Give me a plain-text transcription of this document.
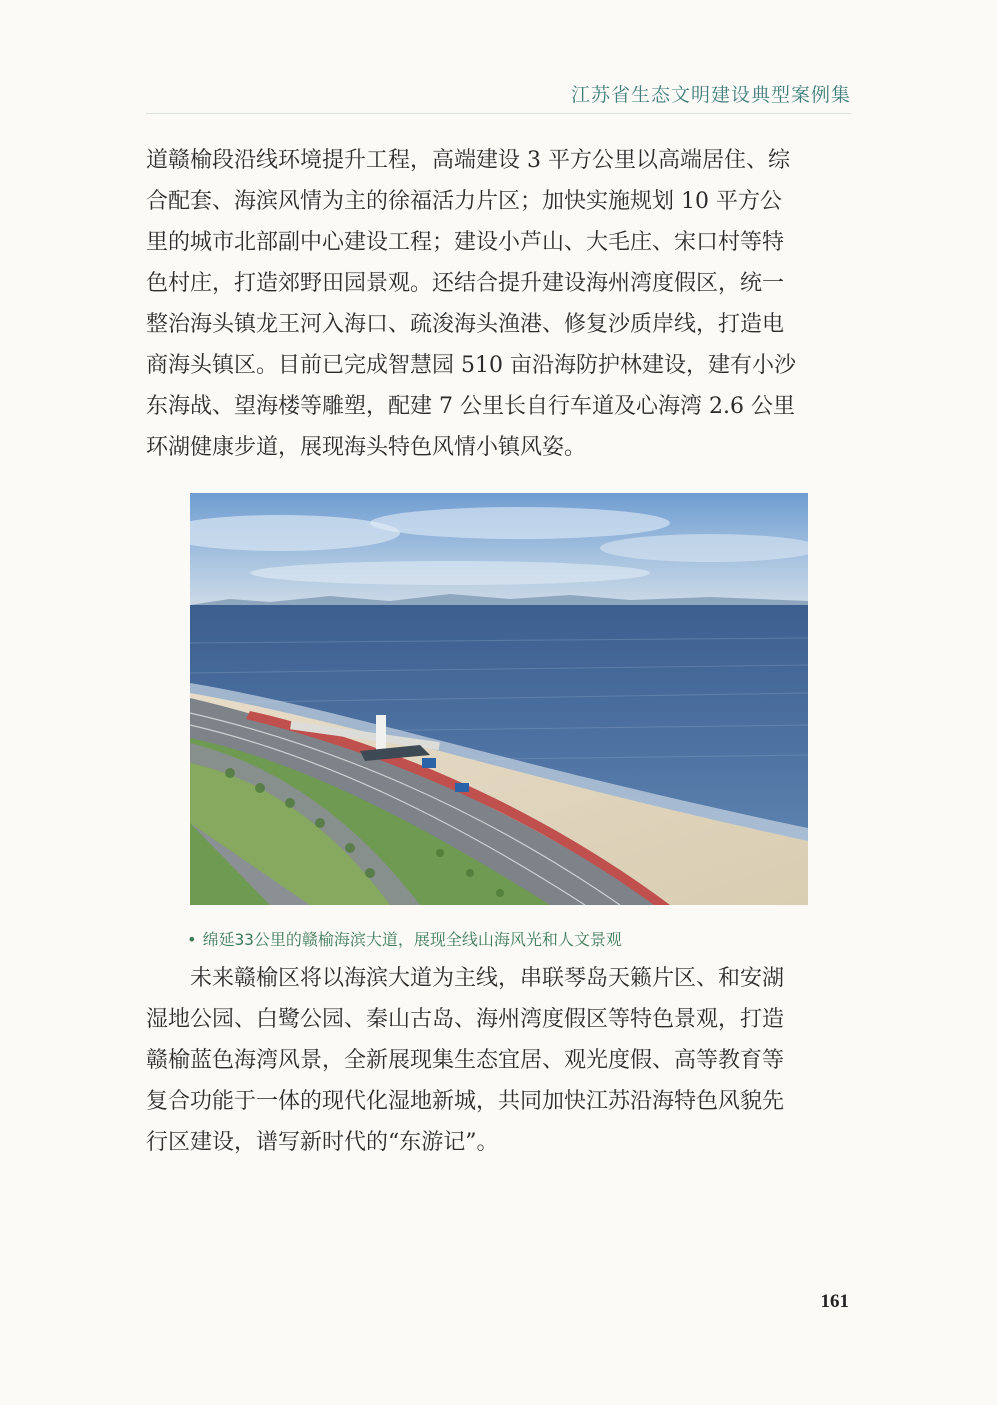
江苏省生态文明建设典型案例集

道赣榆段沿线环境提升工程，高端建设 3 平方公里以高端居住、综
合配套、海滨风情为主的徐福活力片区；加快实施规划 10 平方公
里的城市北部副中心建设工程；建设小芦山、大毛庄、宋口村等特
色村庄，打造郊野田园景观。还结合提升建设海州湾度假区，统一
整治海头镇龙王河入海口、疏浚海头渔港、修复沙质岸线，打造电
商海头镇区。目前已完成智慧园 510 亩沿海防护林建设，建有小沙
东海战、望海楼等雕塑，配建 7 公里长自行车道及心海湾 2.6 公里
环湖健康步道，展现海头特色风情小镇风姿。

• 绵延33公里的赣榆海滨大道，展现全线山海风光和人文景观

　　未来赣榆区将以海滨大道为主线，串联琴岛天籁片区、和安湖
湿地公园、白鹭公园、秦山古岛、海州湾度假区等特色景观，打造
赣榆蓝色海湾风景，全新展现集生态宜居、观光度假、高等教育等
复合功能于一体的现代化湿地新城，共同加快江苏沿海特色风貌先
行区建设，谱写新时代的“东游记”。

161
